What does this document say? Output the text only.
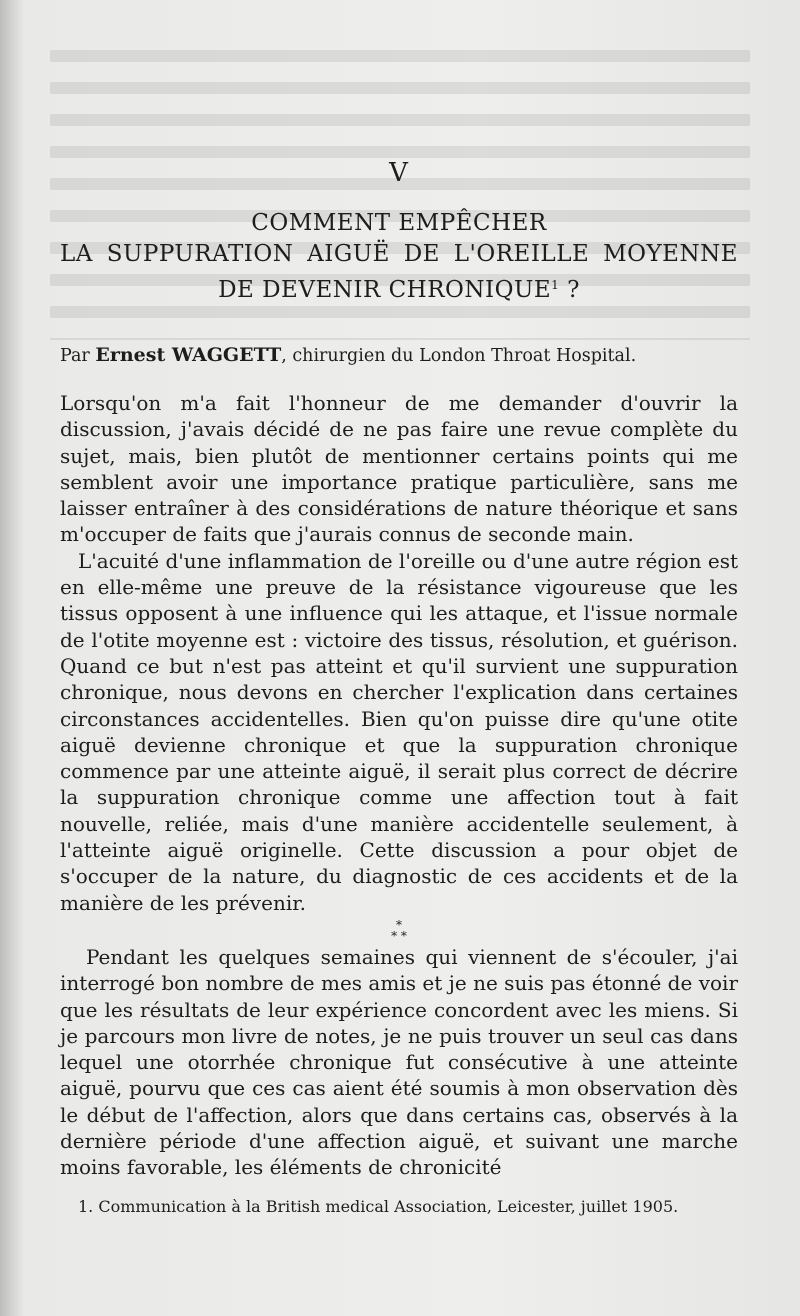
V
COMMENT EMPÊCHER
LA SUPPURATION AIGUË DE L'OREILLE MOYENNE
DE DEVENIR CHRONIQUE$^1$ ?

Par Ernest WAGGETT, chirurgien du London Throat Hospital.

Lorsqu'on m'a fait l'honneur de me demander d'ouvrir la discussion, j'avais décidé de ne pas faire une revue complète du sujet, mais, bien plutôt de mentionner certains points qui me semblent avoir une importance pratique particulière, sans me laisser entraîner à des considérations de nature théorique et sans m'occuper de faits que j'aurais connus de seconde main.

L'acuité d'une inflammation de l'oreille ou d'une autre région est en elle-même une preuve de la résistance vigoureuse que les tissus opposent à une influence qui les attaque, et l'issue normale de l'otite moyenne est : victoire des tissus, résolution, et guérison. Quand ce but n'est pas atteint et qu'il survient une suppuration chronique, nous devons en chercher l'explication dans certaines circonstances accidentelles. Bien qu'on puisse dire qu'une otite aiguë devienne chronique et que la suppuration chronique commence par une atteinte aiguë, il serait plus correct de décrire la suppuration chronique comme une affection tout à fait nouvelle, reliée, mais d'une manière accidentelle seulement, à l'atteinte aiguë originelle. Cette discussion a pour objet de s'occuper de la nature, du diagnostic de ces accidents et de la manière de les prévenir.

*
* *

Pendant les quelques semaines qui viennent de s'écouler, j'ai interrogé bon nombre de mes amis et je ne suis pas étonné de voir que les résultats de leur expérience concordent avec les miens. Si je parcours mon livre de notes, je ne puis trouver un seul cas dans lequel une otorrhée chronique fut consécutive à une atteinte aiguë, pourvu que ces cas aient été soumis à mon observation dès le début de l'affection, alors que dans certains cas, observés à la dernière période d'une affection aiguë, et suivant une marche moins favorable, les éléments de chronicité

1. Communication à la British medical Association, Leicester, juillet 1905.
